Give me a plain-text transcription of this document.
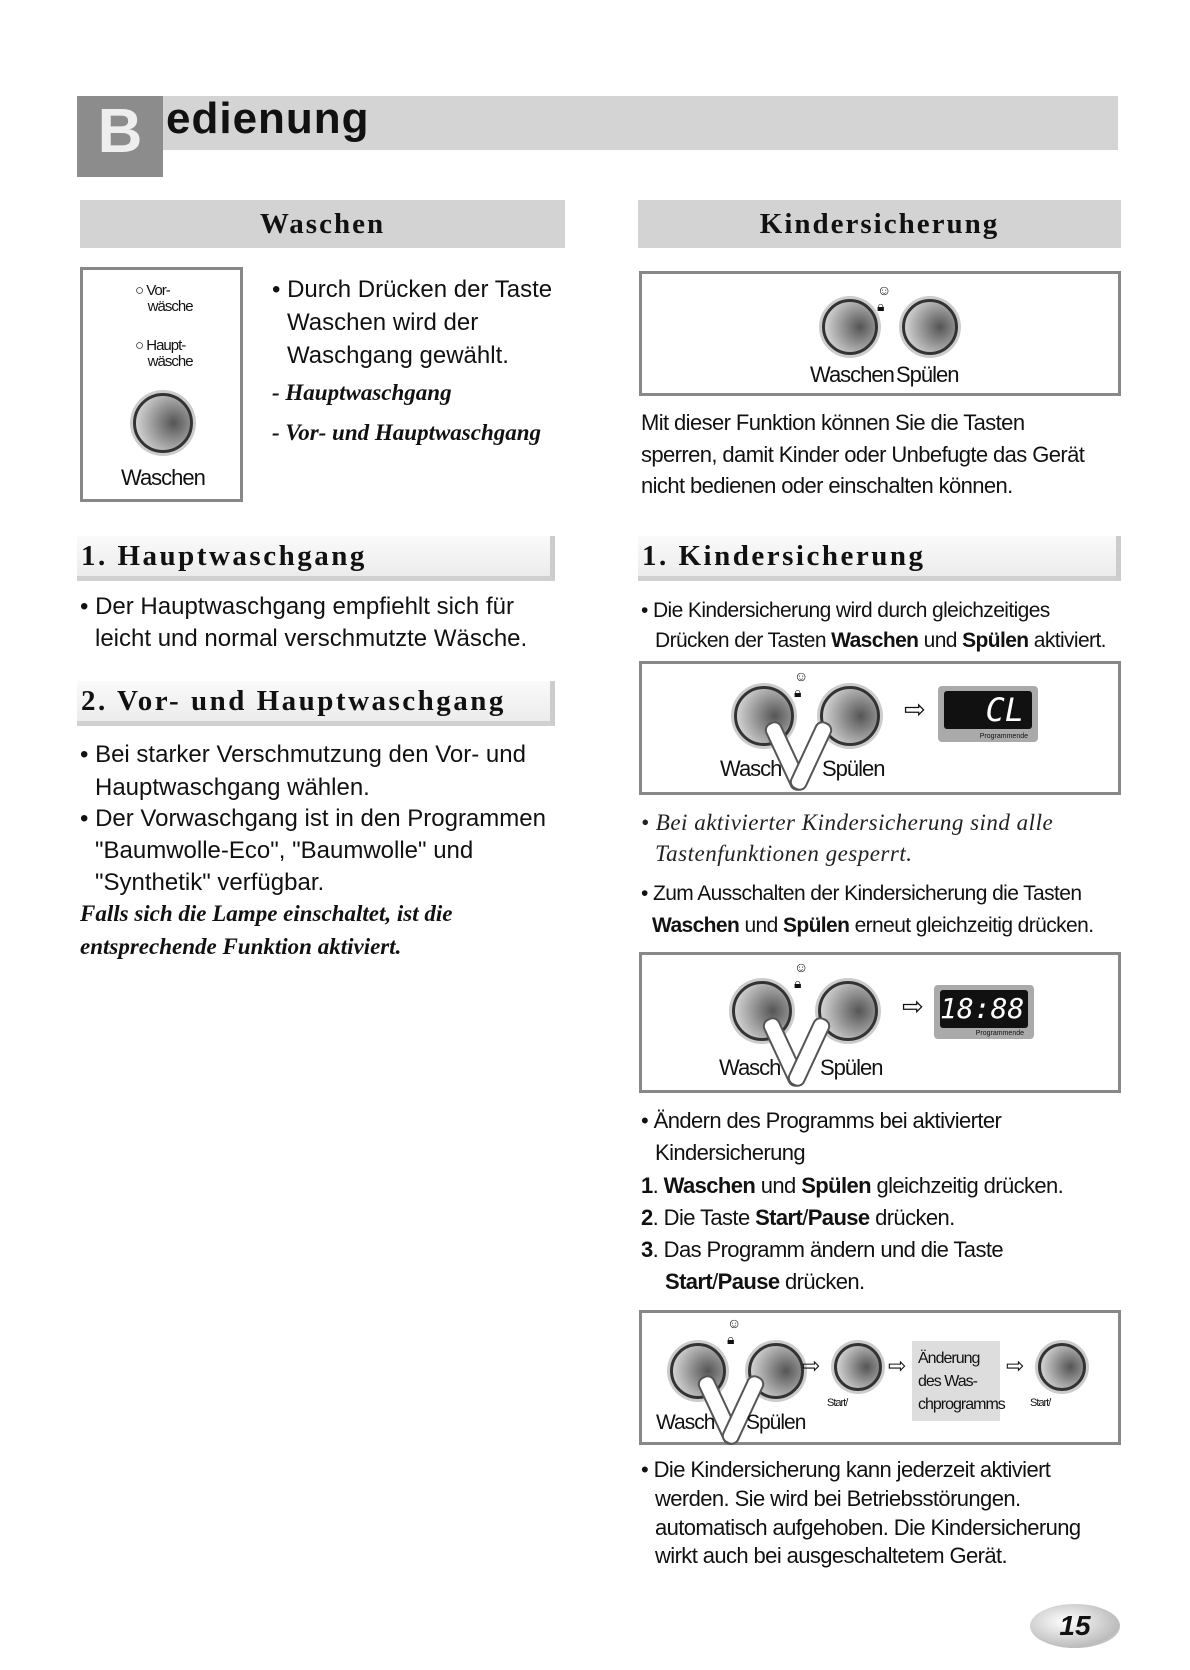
B edienung
Waschen
○ Vor-
wäsche
○ Haupt-
wäsche
Waschen
• Durch Drücken der Taste
Waschen wird der
Waschgang gewählt.
- Hauptwaschgang
- Vor- und Hauptwaschgang
1. Hauptwaschgang
• Der Hauptwaschgang empfiehlt sich für
leicht und normal verschmutzte Wäsche.
2. Vor- und Hauptwaschgang
• Bei starker Verschmutzung den Vor- und
Hauptwaschgang wählen.
• Der Vorwaschgang ist in den Programmen
"Baumwolle-Eco", "Baumwolle" und
"Synthetik" verfügbar.
Falls sich die Lampe einschaltet, ist die
entsprechende Funktion aktiviert.
Kindersicherung
☺
🔒︎
Waschen Spülen
Mit dieser Funktion können Sie die Tasten
sperren, damit Kinder oder Unbefugte das Gerät
nicht bedienen oder einschalten können.
1. Kindersicherung
• Die Kindersicherung wird durch gleichzeitiges
Drücken der Tasten Waschen und Spülen aktiviert.
☺
🔒︎
Wasch Spülen
⇨	CL
Programmende
• Bei aktivierter Kindersicherung sind alle
Tastenfunktionen gesperrt.
• Zum Ausschalten der Kindersicherung die Tasten
Waschen und Spülen erneut gleichzeitig drücken.
☺
🔒︎
Wasch Spülen
⇨ 18:88
Programmende
• Ändern des Programms bei aktivierter
Kindersicherung
1. Waschen und Spülen gleichzeitig drücken.
2. Die Taste Start/Pause drücken.
3. Das Programm ändern und die Taste
Start/Pause drücken.
☺
🔒︎
Wasch Spülen
⇨
Start/
⇨ Änderung
des Was-
chprogramms
⇨
Start/
• Die Kindersicherung kann jederzeit aktiviert
werden. Sie wird bei Betriebsstörungen.
automatisch aufgehoben. Die Kindersicherung
wirkt auch bei ausgeschaltetem Gerät.
15
